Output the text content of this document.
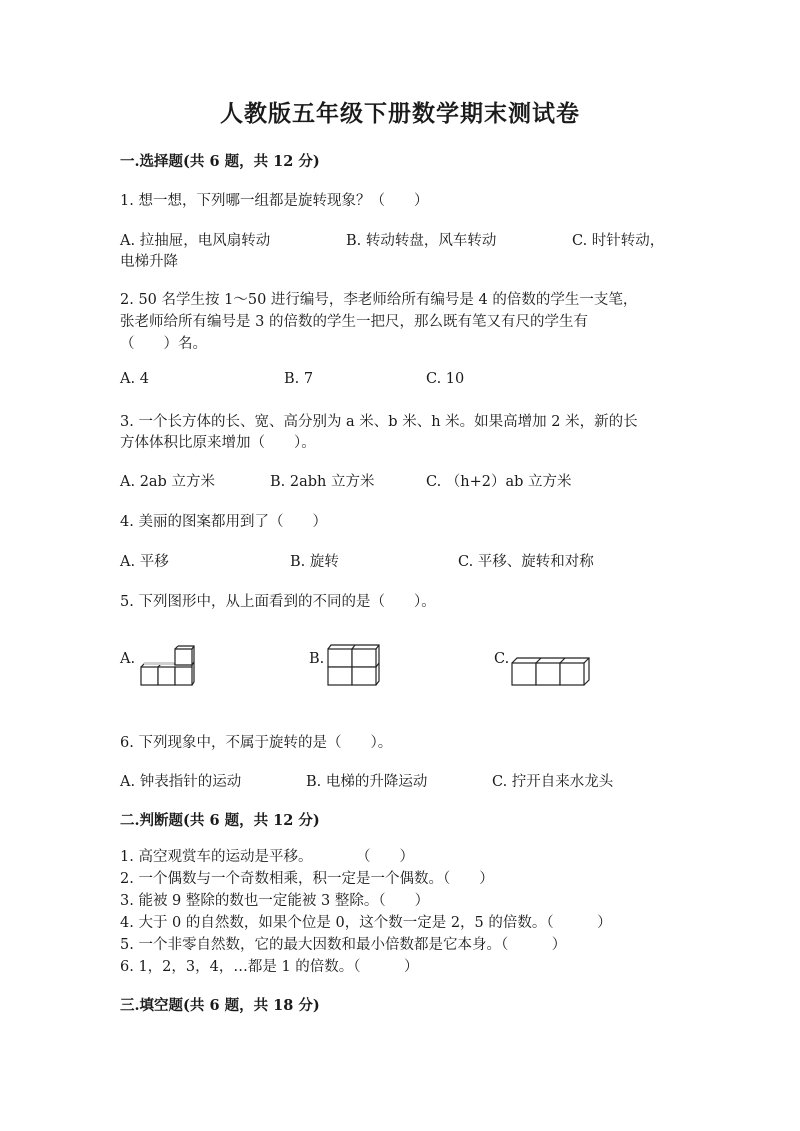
人教版五年级下册数学期末测试卷
一.选择题(共 6 题，共 12 分)
1. 想一想，下列哪一组都是旋转现象？（　　）
A. 拉抽屉，电风扇转动	B. 转动转盘，风车转动	C. 时针转动，
电梯升降
2. 50 名学生按 1～50 进行编号，李老师给所有编号是 4 的倍数的学生一支笔，
张老师给所有编号是 3 的倍数的学生一把尺，那么既有笔又有尺的学生有
（　　）名。
A. 4	B. 7	C. 10
3. 一个长方体的长、宽、高分别为 a 米、b 米、h 米。如果高增加 2 米，新的长
方体体积比原来增加（　　）。
A. 2ab 立方米	B. 2abh 立方米	C. （h+2）ab 立方米
4. 美丽的图案都用到了（　　）
A. 平移	B. 旋转	C. 平移、旋转和对称
5. 下列图形中，从上面看到的不同的是（　　）。
A.	B.	C.
6. 下列现象中，不属于旋转的是（　　）。
A. 钟表指针的运动	B. 电梯的升降运动	C. 拧开自来水龙头
二.判断题(共 6 题，共 12 分)
1. 高空观赏车的运动是平移。　　　　（　　）
2. 一个偶数与一个奇数相乘，积一定是一个偶数。（　　）
3. 能被 9 整除的数也一定能被 3 整除。（　　）
4. 大于 0 的自然数，如果个位是 0，这个数一定是 2，5 的倍数。（　　　）
5. 一个非零自然数，它的最大因数和最小倍数都是它本身。（　　　）
6. 1，2，3，4，…都是 1 的倍数。（　　　）
三.填空题(共 6 题，共 18 分)
